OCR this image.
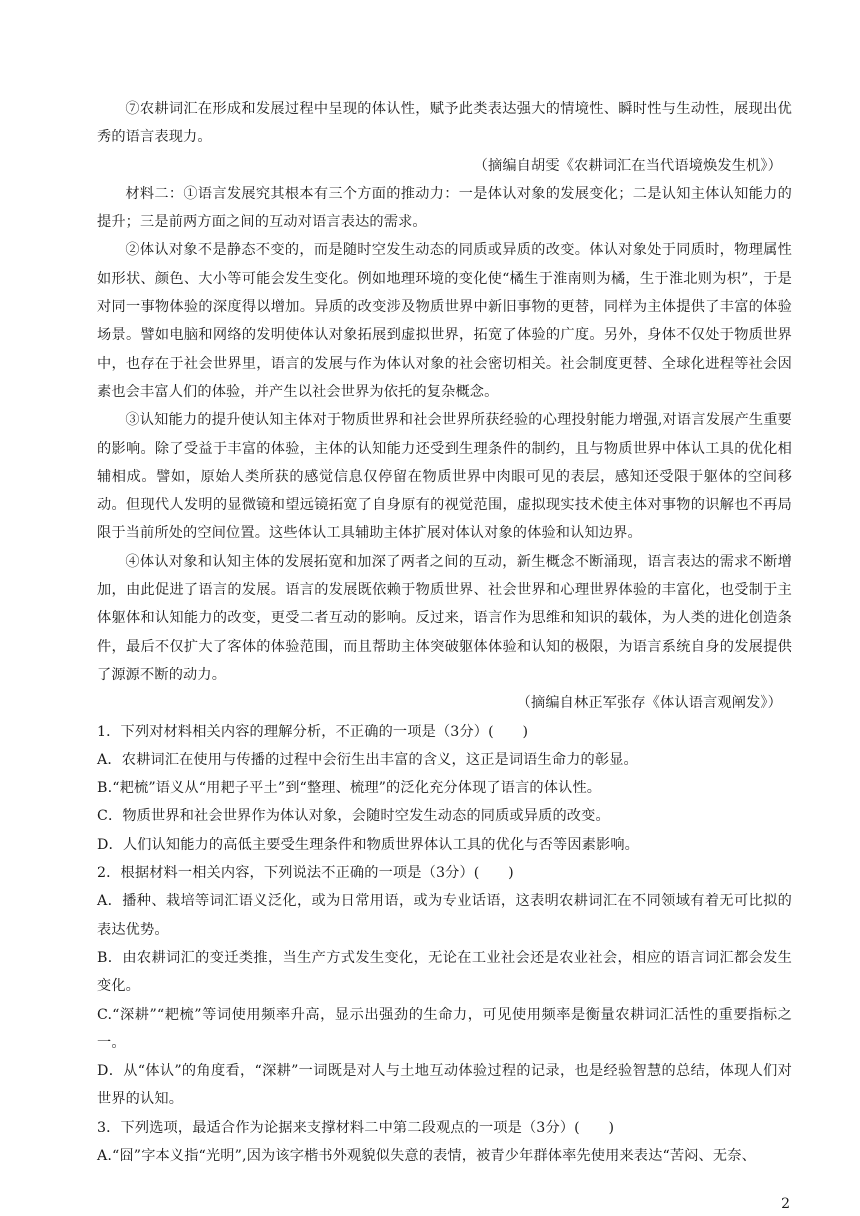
⑦农耕词汇在形成和发展过程中呈现的体认性，赋予此类表达强大的情境性、瞬时性与生动性，展现出优秀的语言表现力。

（摘编自胡雯《农耕词汇在当代语境焕发生机》）

材料二：①语言发展究其根本有三个方面的推动力：一是体认对象的发展变化；二是认知主体认知能力的提升；三是前两方面之间的互动对语言表达的需求。

②体认对象不是静态不变的，而是随时空发生动态的同质或异质的改变。体认对象处于同质时，物理属性如形状、颜色、大小等可能会发生变化。例如地理环境的变化使“橘生于淮南则为橘，生于淮北则为枳”，于是对同一事物体验的深度得以增加。异质的改变涉及物质世界中新旧事物的更替，同样为主体提供了丰富的体验场景。譬如电脑和网络的发明使体认对象拓展到虚拟世界，拓宽了体验的广度。另外，身体不仅处于物质世界中，也存在于社会世界里，语言的发展与作为体认对象的社会密切相关。社会制度更替、全球化进程等社会因素也会丰富人们的体验，并产生以社会世界为依托的复杂概念。

③认知能力的提升使认知主体对于物质世界和社会世界所获经验的心理投射能力增强,对语言发展产生重要的影响。除了受益于丰富的体验，主体的认知能力还受到生理条件的制约，且与物质世界中体认工具的优化相辅相成。譬如，原始人类所获的感觉信息仅停留在物质世界中肉眼可见的表层，感知还受限于躯体的空间移动。但现代人发明的显微镜和望远镜拓宽了自身原有的视觉范围，虚拟现实技术使主体对事物的识解也不再局限于当前所处的空间位置。这些体认工具辅助主体扩展对体认对象的体验和认知边界。

④体认对象和认知主体的发展拓宽和加深了两者之间的互动，新生概念不断涌现，语言表达的需求不断增加，由此促进了语言的发展。语言的发展既依赖于物质世界、社会世界和心理世界体验的丰富化，也受制于主体躯体和认知能力的改变，更受二者互动的影响。反过来，语言作为思维和知识的载体，为人类的进化创造条件，最后不仅扩大了客体的体验范围，而且帮助主体突破躯体体验和认知的极限，为语言系统自身的发展提供了源源不断的动力。

（摘编自林正军张存《体认语言观阐发》）

1．下列对材料相关内容的理解分析，不正确的一项是（3分）(　　)

A．农耕词汇在使用与传播的过程中会衍生出丰富的含义，这正是词语生命力的彰显。

B.“耙梳”语义从“用耙子平土”到“整理、梳理”的泛化充分体现了语言的体认性。

C．物质世界和社会世界作为体认对象，会随时空发生动态的同质或异质的改变。

D．人们认知能力的高低主要受生理条件和物质世界体认工具的优化与否等因素影响。

2．根据材料一相关内容，下列说法不正确的一项是（3分）(　　)

A．播种、栽培等词汇语义泛化，或为日常用语，或为专业话语，这表明农耕词汇在不同领域有着无可比拟的表达优势。

B．由农耕词汇的变迁类推，当生产方式发生变化，无论在工业社会还是农业社会，相应的语言词汇都会发生变化。

C.“深耕”“耙梳”等词使用频率升高，显示出强劲的生命力，可见使用频率是衡量农耕词汇活性的重要指标之一。

D．从“体认”的角度看，“深耕”一词既是对人与土地互动体验过程的记录，也是经验智慧的总结，体现人们对世界的认知。

3．下列选项，最适合作为论据来支撑材料二中第二段观点的一项是（3分）(　　)

A.“囧”字本义指“光明”,因为该字楷书外观貌似失意的表情，被青少年群体率先使用来表达“苦闷、无奈、

2
